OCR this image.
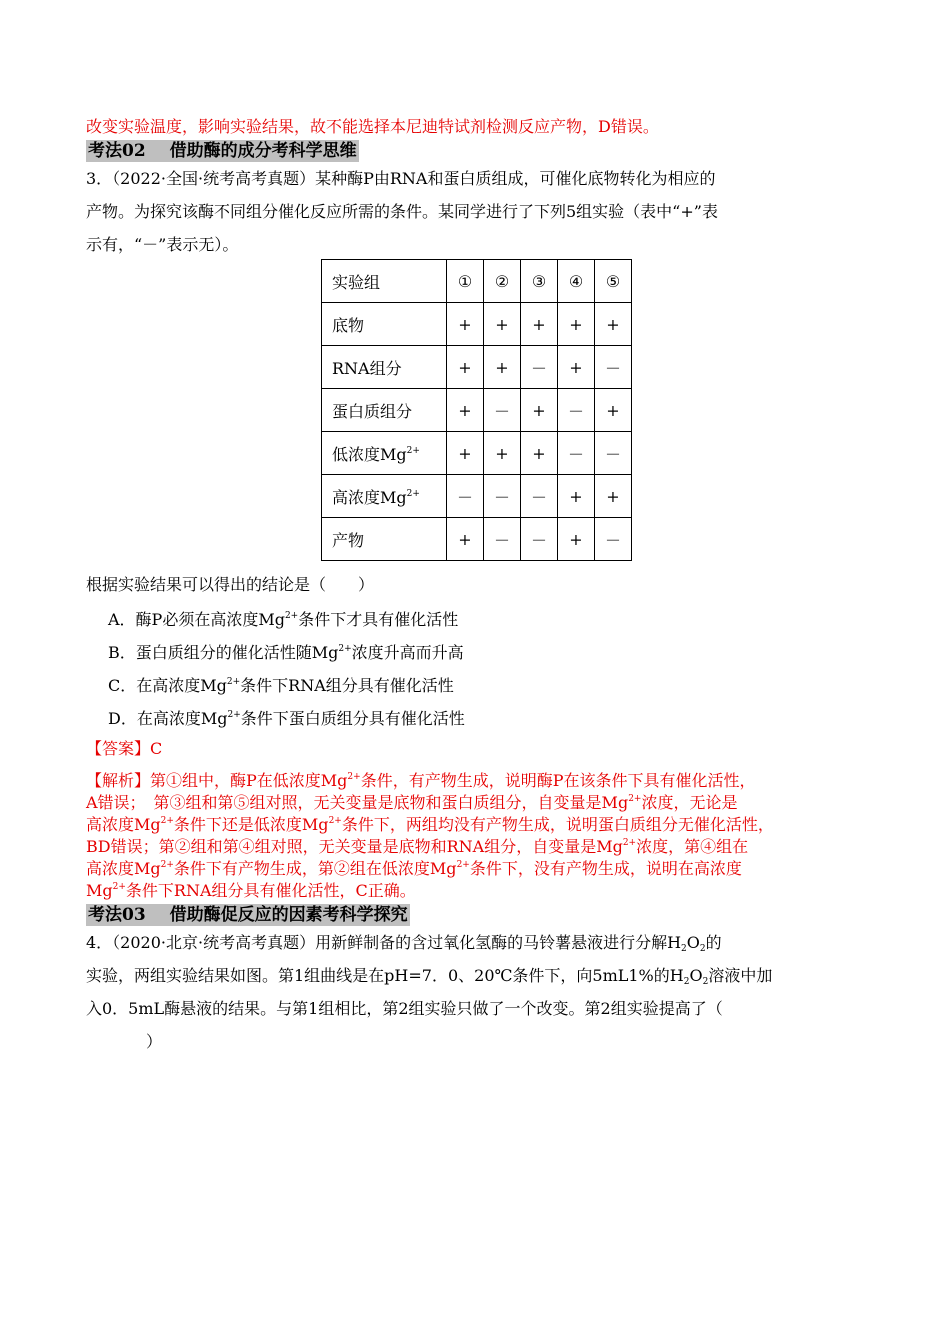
改变实验温度，影响实验结果，故不能选择本尼迪特试剂检测反应产物，D错误。
考法02 借助酶的成分考科学思维
3．（2022·全国·统考高考真题）某种酶P由RNA和蛋白质组成，可催化底物转化为相应的
产物。为探究该酶不同组分催化反应所需的条件。某同学进行了下列5组实验（表中“+”表
示有，“－”表示无）。
实验组	①	②	③	④	⑤
底物	+	+	+	+	+
RNA组分	+	+	－	+	－
蛋白质组分	+	－	+	－	+
低浓度$Mg^{2+}$	+	+	+	－	－
高浓度$Mg^{2+}$	－	－	－	+	+
产物	+	－	－	+	－
根据实验结果可以得出的结论是（　　）
A．酶P必须在高浓度$Mg^{2+}$条件下才具有催化活性
B．蛋白质组分的催化活性随$Mg^{2+}$浓度升高而升高
C．在高浓度$Mg^{2+}$条件下RNA组分具有催化活性
D．在高浓度$Mg^{2+}$条件下蛋白质组分具有催化活性
【答案】C
【解析】第①组中，酶P在低浓度$Mg^{2+}$条件，有产物生成，说明酶P在该条件下具有催化活性，
A错误；　第③组和第⑤组对照，无关变量是底物和蛋白质组分，自变量是$Mg^{2+}$浓度，无论是
高浓度$Mg^{2+}$条件下还是低浓度$Mg^{2+}$条件下，两组均没有产物生成，说明蛋白质组分无催化活性，
BD错误；第②组和第④组对照，无关变量是底物和RNA组分，自变量是$Mg^{2+}$浓度，第④组在
高浓度$Mg^{2+}$条件下有产物生成，第②组在低浓度$Mg^{2+}$条件下，没有产物生成，说明在高浓度
$Mg^{2+}$条件下RNA组分具有催化活性，C正确。
考法03 借助酶促反应的因素考科学探究
4．（2020·北京·统考高考真题）用新鲜制备的含过氧化氢酶的马铃薯悬液进行分解$H_2O_2$的
实验，两组实验结果如图。第1组曲线是在pH=7．0、20℃条件下，向5mL1%的$H_2O_2$溶液中加
入0．5mL酶悬液的结果。与第1组相比，第2组实验只做了一个改变。第2组实验提高了（
）
